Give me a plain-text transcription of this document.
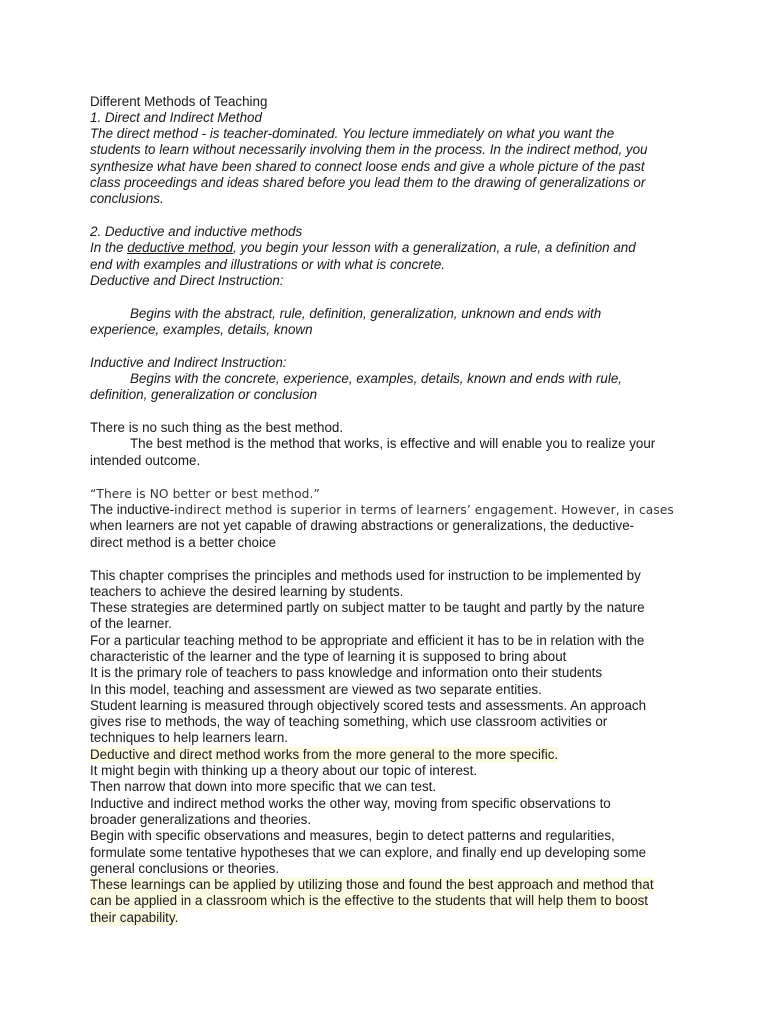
Different Methods of Teaching
1. Direct and Indirect Method
The direct method - is teacher-dominated. You lecture immediately on what you want the
students to learn without necessarily involving them in the process. In the indirect method, you
synthesize what have been shared to connect loose ends and give a whole picture of the past
class proceedings and ideas shared before you lead them to the drawing of generalizations or
conclusions.
2. Deductive and inductive methods
In the deductive method, you begin your lesson with a generalization, a rule, a definition and
end with examples and illustrations or with what is concrete.
Deductive and Direct Instruction:
Begins with the abstract, rule, definition, generalization, unknown and ends with
experience, examples, details, known
Inductive and Indirect Instruction:
Begins with the concrete, experience, examples, details, known and ends with rule,
definition, generalization or conclusion
There is no such thing as the best method.
The best method is the method that works, is effective and will enable you to realize your
intended outcome.
“There is NO better or best method.”
The inductive-indirect method is superior in terms of learners’ engagement. However, in cases
when learners are not yet capable of drawing abstractions or generalizations, the deductive-
direct method is a better choice
This chapter comprises the principles and methods used for instruction to be implemented by
teachers to achieve the desired learning by students.
These strategies are determined partly on subject matter to be taught and partly by the nature
of the learner.
For a particular teaching method to be appropriate and efficient it has to be in relation with the
characteristic of the learner and the type of learning it is supposed to bring about
It is the primary role of teachers to pass knowledge and information onto their students
In this model, teaching and assessment are viewed as two separate entities.
Student learning is measured through objectively scored tests and assessments. An approach
gives rise to methods, the way of teaching something, which use classroom activities or
techniques to help learners learn.
Deductive and direct method works from the more general to the more specific.
It might begin with thinking up a theory about our topic of interest.
Then narrow that down into more specific that we can test.
Inductive and indirect method works the other way, moving from specific observations to
broader generalizations and theories.
Begin with specific observations and measures, begin to detect patterns and regularities,
formulate some tentative hypotheses that we can explore, and finally end up developing some
general conclusions or theories.
These learnings can be applied by utilizing those and found the best approach and method that
can be applied in a classroom which is the effective to the students that will help them to boost
their capability.
